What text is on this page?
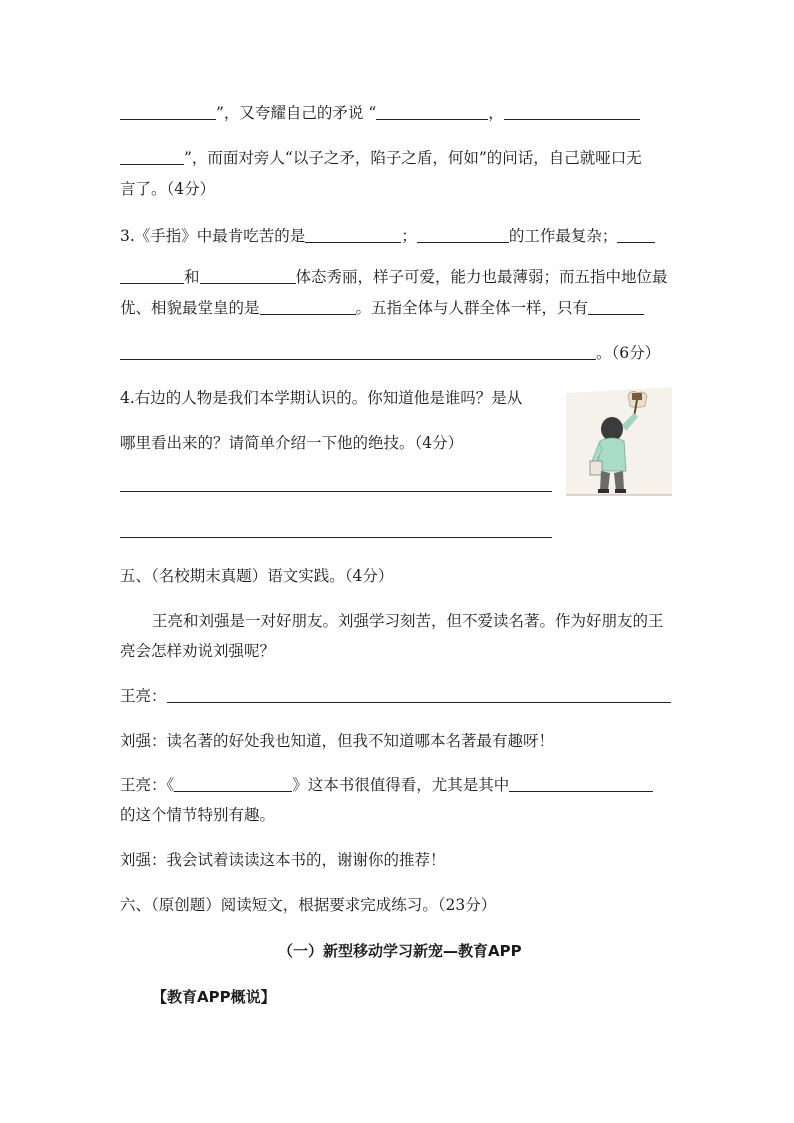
”，又夸耀自己的矛说 “	，
”，而面对旁人“以子之矛，陷子之盾，何如”的问话，自己就哑口无
言了。（4分）
3.《手指》中最肯吃苦的是	；	的工作最复杂；
和	体态秀丽，样子可爱，能力也最薄弱；而五指中地位最
优、相貌最堂皇的是	。五指全体与人群全体一样，只有
。（6分）
4.右边的人物是我们本学期认识的。你知道他是谁吗？是从
哪里看出来的？请简单介绍一下他的绝技。（4分）
五、（名校期末真题）语文实践。（4分）
王亮和刘强是一对好朋友。刘强学习刻苦，但不爱读名著。作为好朋友的王
亮会怎样劝说刘强呢？
王亮：
刘强：读名著的好处我也知道，但我不知道哪本名著最有趣呀！
王亮：《	》这本书很值得看，尤其是其中
的这个情节特别有趣。
刘强：我会试着读读这本书的，谢谢你的推荐！
六、（原创题）阅读短文，根据要求完成练习。（23分）
（一）新型移动学习新宠—教育APP
【教育APP概说】
